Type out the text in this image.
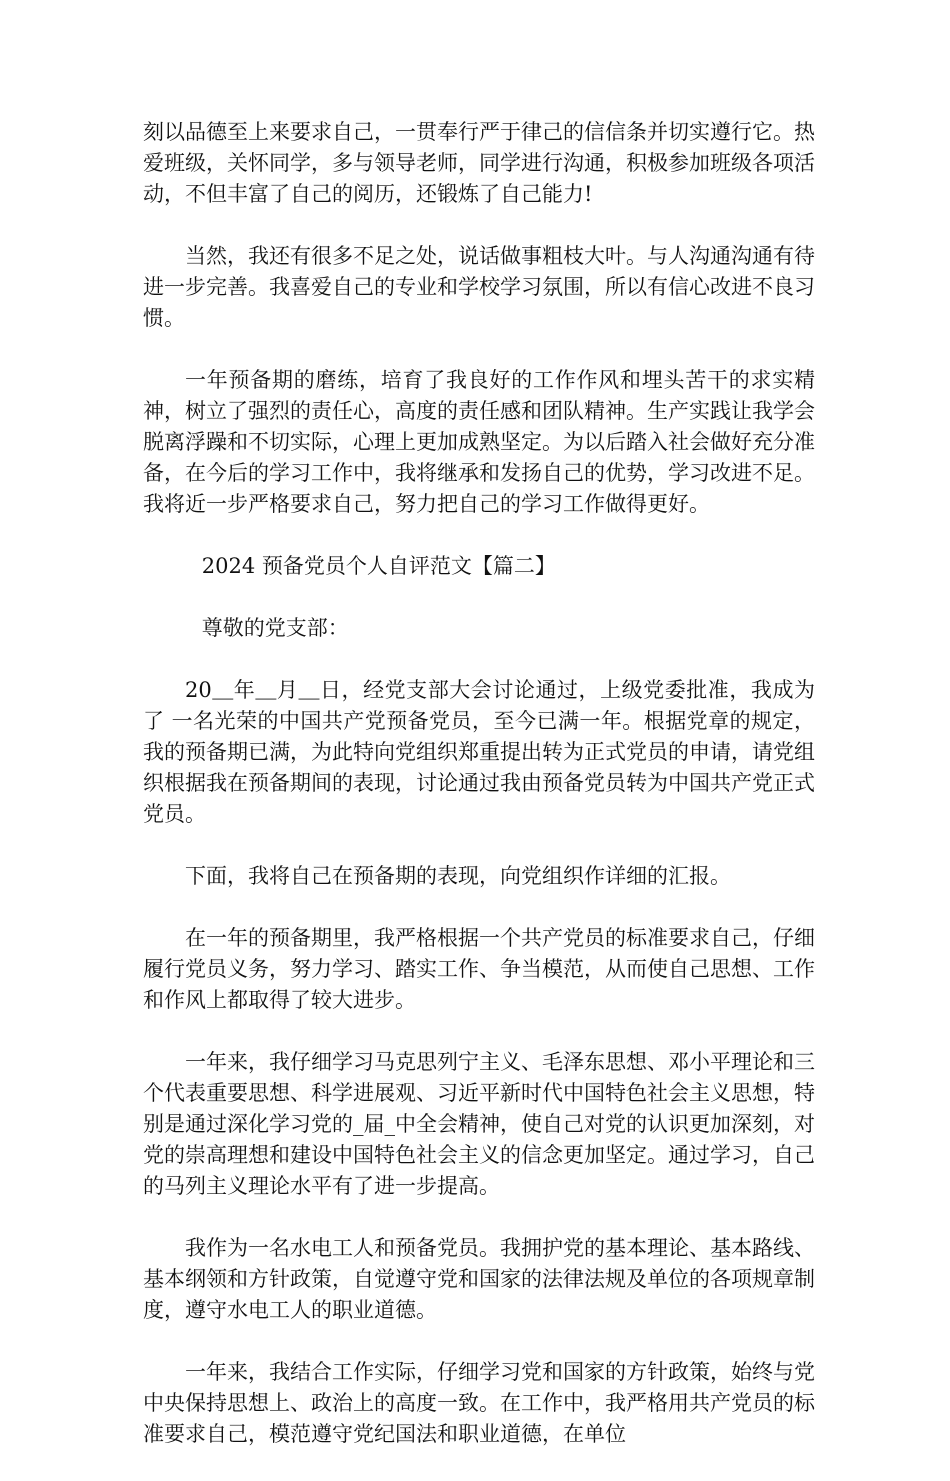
刻以品德至上来要求自己，一贯奉行严于律己的信信条并切实遵行它。热爱班级，关怀同学，多与领导老师，同学进行沟通，积极参加班级各项活动，不但丰富了自己的阅历，还锻炼了自己能力!

当然，我还有很多不足之处，说话做事粗枝大叶。与人沟通沟通有待进一步完善。我喜爱自己的专业和学校学习氛围，所以有信心改进不良习惯。

一年预备期的磨练，培育了我良好的工作作风和埋头苦干的求实精神，树立了强烈的责任心，高度的责任感和团队精神。生产实践让我学会脱离浮躁和不切实际，心理上更加成熟坚定。为以后踏入社会做好充分准备，在今后的学习工作中，我将继承和发扬自己的优势，学习改进不足。我将近一步严格要求自己，努力把自己的学习工作做得更好。

2024 预备党员个人自评范文【篇二】

尊敬的党支部：

20＿年＿月＿日，经党支部大会讨论通过，上级党委批准，我成为了 一名光荣的中国共产党预备党员，至今已满一年。根据党章的规定，我的预备期已满，为此特向党组织郑重提出转为正式党员的申请，请党组织根据我在预备期间的表现，讨论通过我由预备党员转为中国共产党正式党员。

下面，我将自己在预备期的表现，向党组织作详细的汇报。

在一年的预备期里，我严格根据一个共产党员的标准要求自己，仔细履行党员义务，努力学习、踏实工作、争当模范，从而使自己思想、工作和作风上都取得了较大进步。

一年来，我仔细学习马克思列宁主义、毛泽东思想、邓小平理论和三个代表重要思想、科学进展观、习近平新时代中国特色社会主义思想，特别是通过深化学习党的_届_中全会精神，使自己对党的认识更加深刻，对党的崇高理想和建设中国特色社会主义的信念更加坚定。通过学习，自己的马列主义理论水平有了进一步提高。

我作为一名水电工人和预备党员。我拥护党的基本理论、基本路线、基本纲领和方针政策，自觉遵守党和国家的法律法规及单位的各项规章制度，遵守水电工人的职业道德。

一年来，我结合工作实际，仔细学习党和国家的方针政策，始终与党中央保持思想上、政治上的高度一致。在工作中，我严格用共产党员的标准要求自己，模范遵守党纪国法和职业道德，在单位
